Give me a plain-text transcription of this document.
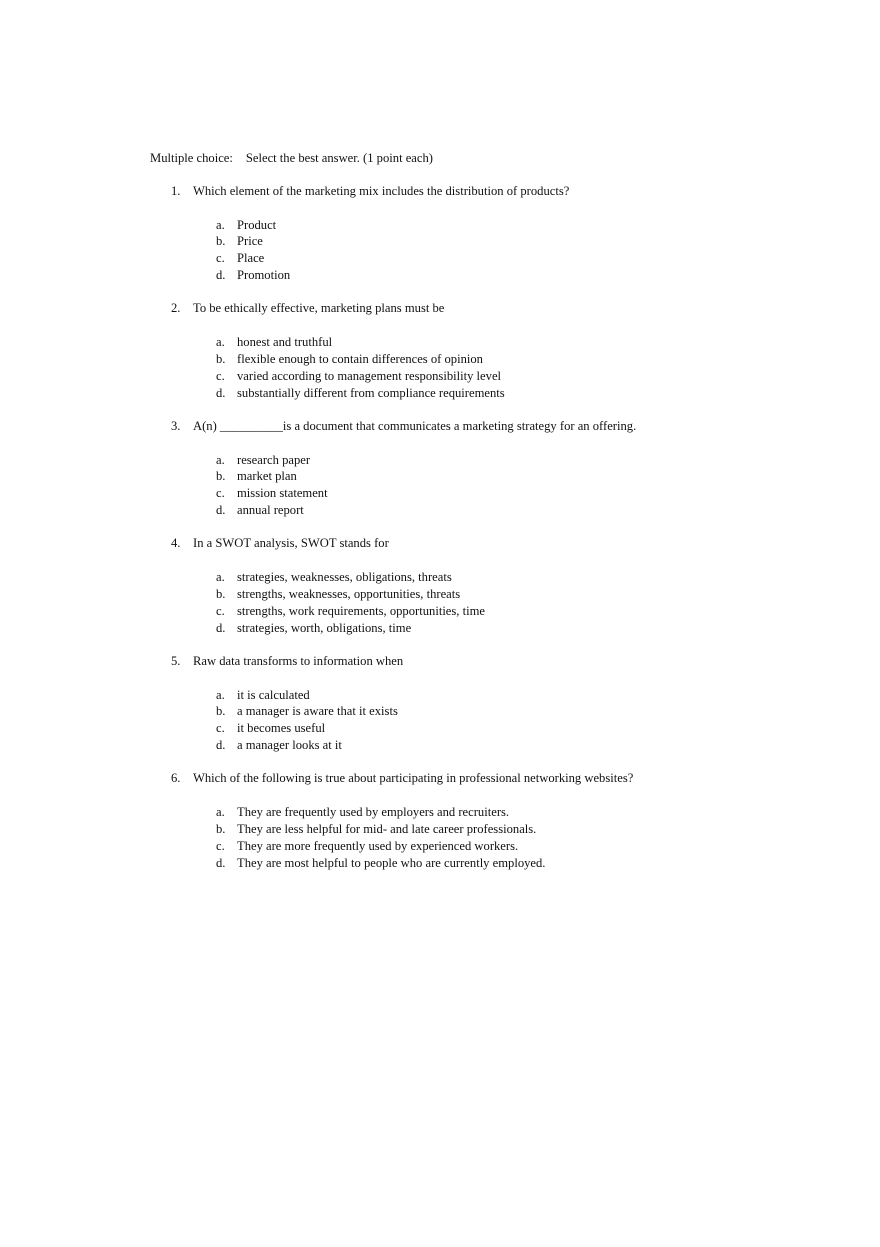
Multiple choice: Select the best answer. (1 point each)
1. Which element of the marketing mix includes the distribution of products?
a. Product
b. Price
c. Place
d. Promotion
2. To be ethically effective, marketing plans must be
a. honest and truthful
b. flexible enough to contain differences of opinion
c. varied according to management responsibility level
d. substantially different from compliance requirements
3. A(n) __________is a document that communicates a marketing strategy for an offering.
a. research paper
b. market plan
c. mission statement
d. annual report
4. In a SWOT analysis, SWOT stands for
a. strategies, weaknesses, obligations, threats
b. strengths, weaknesses, opportunities, threats
c. strengths, work requirements, opportunities, time
d. strategies, worth, obligations, time
5. Raw data transforms to information when
a. it is calculated
b. a manager is aware that it exists
c. it becomes useful
d. a manager looks at it
6. Which of the following is true about participating in professional networking websites?
a. They are frequently used by employers and recruiters.
b. They are less helpful for mid- and late career professionals.
c. They are more frequently used by experienced workers.
d. They are most helpful to people who are currently employed.
